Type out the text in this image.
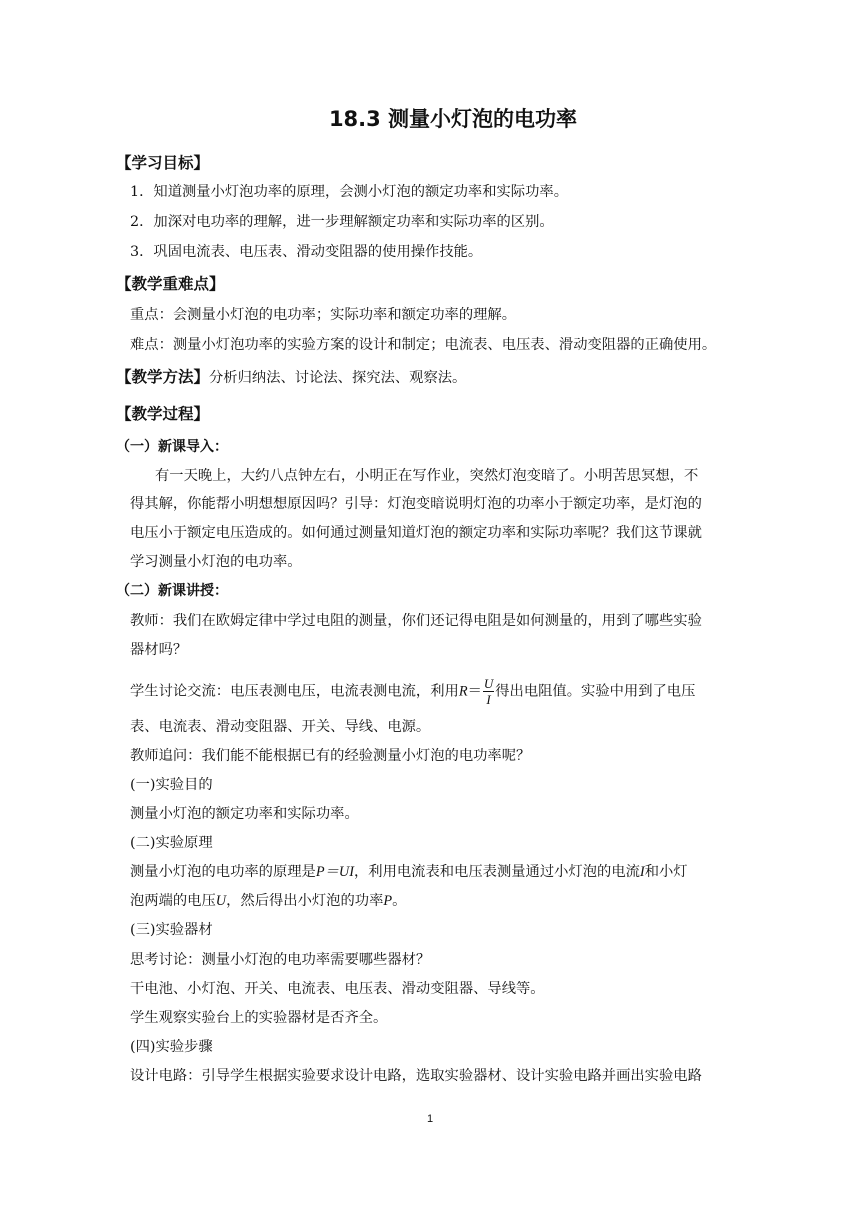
18.3 测量小灯泡的电功率
【学习目标】
1．知道测量小灯泡功率的原理，会测小灯泡的额定功率和实际功率。
2．加深对电功率的理解，进一步理解额定功率和实际功率的区别。
3．巩固电流表、电压表、滑动变阻器的使用操作技能。
【教学重难点】
重点：会测量小灯泡的电功率；实际功率和额定功率的理解。
难点：测量小灯泡功率的实验方案的设计和制定；电流表、电压表、滑动变阻器的正确使用。
【教学方法】分析归纳法、讨论法、探究法、观察法。
【教学过程】
（一）新课导入：
有一天晚上，大约八点钟左右，小明正在写作业，突然灯泡变暗了。小明苦思冥想，不
得其解，你能帮小明想想原因吗？引导：灯泡变暗说明灯泡的功率小于额定功率，是灯泡的
电压小于额定电压造成的。如何通过测量知道灯泡的额定功率和实际功率呢？我们这节课就
学习测量小灯泡的电功率。
（二）新课讲授：
教师：我们在欧姆定律中学过电阻的测量，你们还记得电阻是如何测量的，用到了哪些实验
器材吗？
学生讨论交流：电压表测电压，电流表测电流，利用$R= \frac{U}{I}$ 得出电阻值。实验中用到了电压
表、电流表、滑动变阻器、开关、导线、电源。
教师追问：我们能不能根据已有的经验测量小灯泡的电功率呢？
(一)实验目的
测量小灯泡的额定功率和实际功率。
(二)实验原理
测量小灯泡的电功率的原理是P＝UI，利用电流表和电压表测量通过小灯泡的电流I和小灯
泡两端的电压U，然后得出小灯泡的功率P。
(三)实验器材
思考讨论：测量小灯泡的电功率需要哪些器材？
干电池、小灯泡、开关、电流表、电压表、滑动变阻器、导线等。
学生观察实验台上的实验器材是否齐全。
(四)实验步骤
设计电路：引导学生根据实验要求设计电路，选取实验器材、设计实验电路并画出实验电路
1
